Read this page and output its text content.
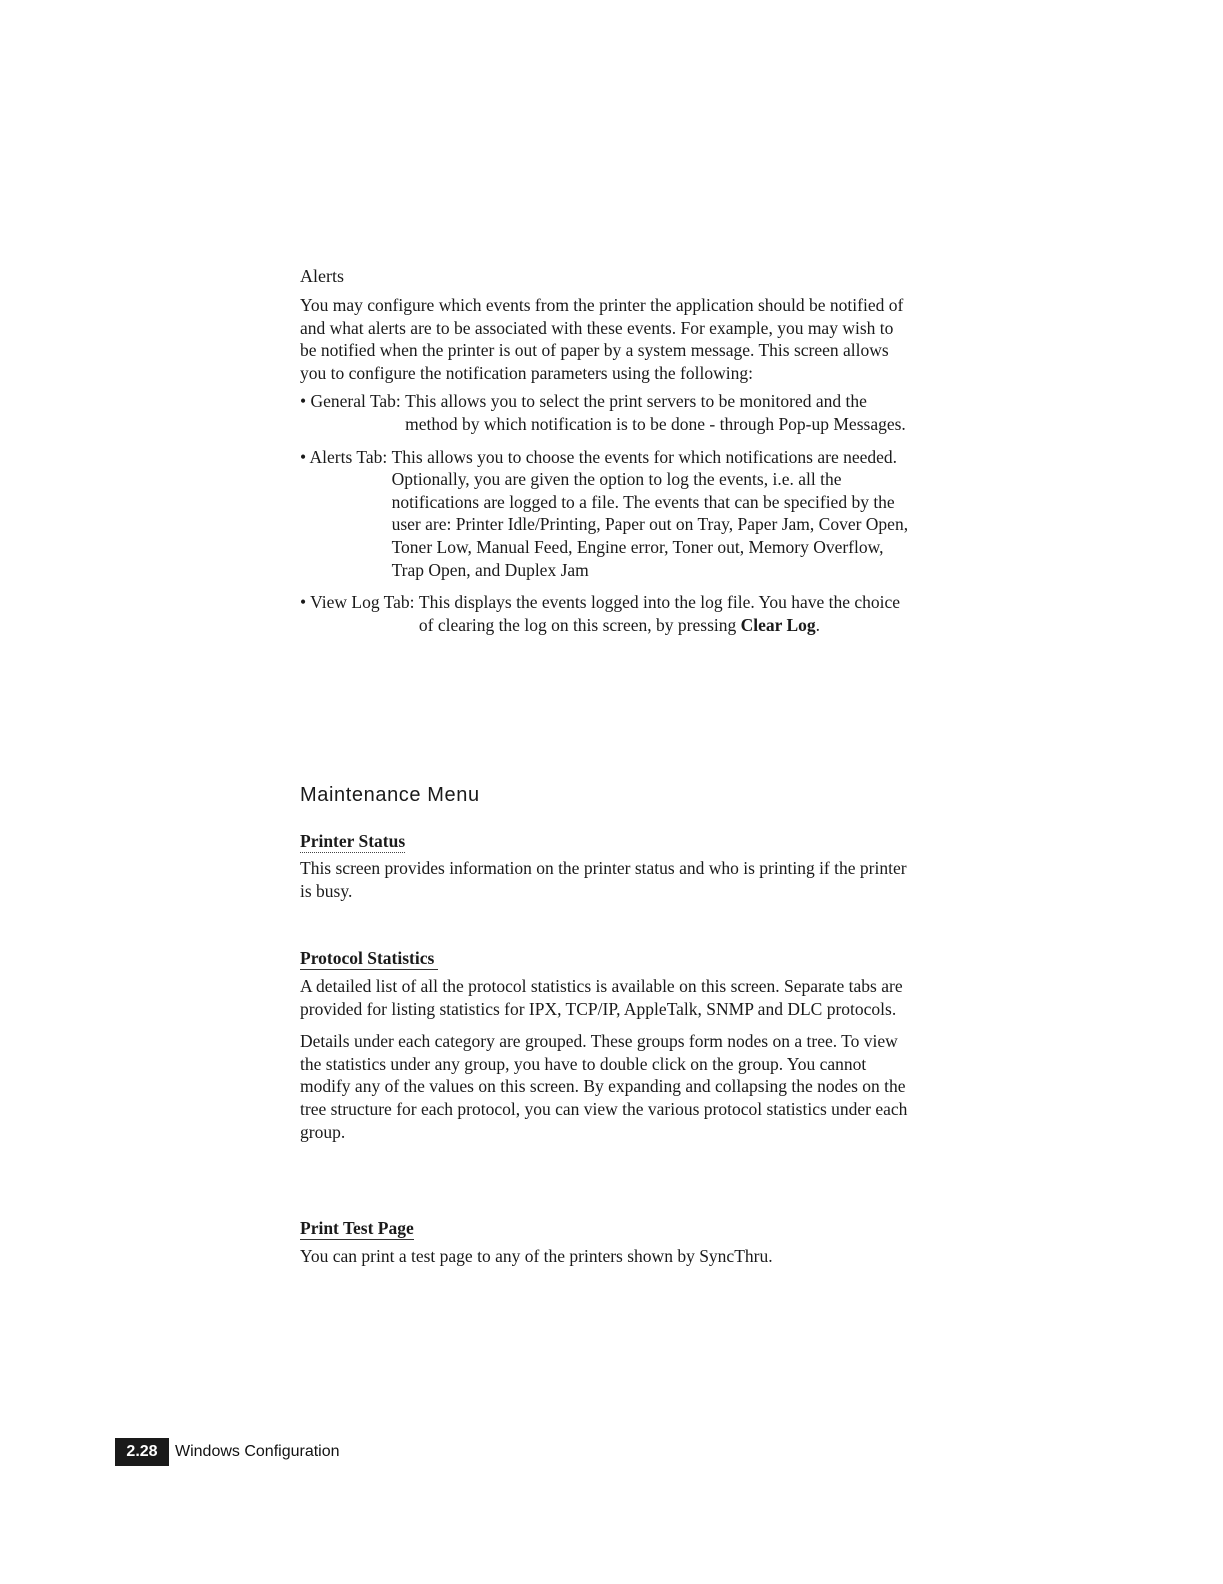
Alerts

You may configure which events from the printer the application should be notified of and what alerts are to be associated with these events. For example, you may wish to be notified when the printer is out of paper by a system message. This screen allows you to configure the notification parameters using the following:

• General Tab: This allows you to select the print servers to be monitored and the method by which notification is to be done - through Pop-up Messages.
• Alerts Tab: This allows you to choose the events for which notifications are needed. Optionally, you are given the option to log the events, i.e. all the notifications are logged to a file. The events that can be specified by the user are: Printer Idle/Printing, Paper out on Tray, Paper Jam, Cover Open, Toner Low, Manual Feed, Engine error, Toner out, Memory Overflow, Trap Open, and Duplex Jam
• View Log Tab: This displays the events logged into the log file. You have the choice of clearing the log on this screen, by pressing Clear Log.

Maintenance Menu

Printer Status

This screen provides information on the printer status and who is printing if the printer is busy.

Protocol Statistics

A detailed list of all the protocol statistics is available on this screen. Separate tabs are provided for listing statistics for IPX, TCP/IP, AppleTalk, SNMP and DLC protocols.

Details under each category are grouped. These groups form nodes on a tree. To view the statistics under any group, you have to double click on the group. You cannot modify any of the values on this screen. By expanding and collapsing the nodes on the tree structure for each protocol, you can view the various protocol statistics under each group.

Print Test Page

You can print a test page to any of the printers shown by SyncThru.

2.28	Windows Configuration
